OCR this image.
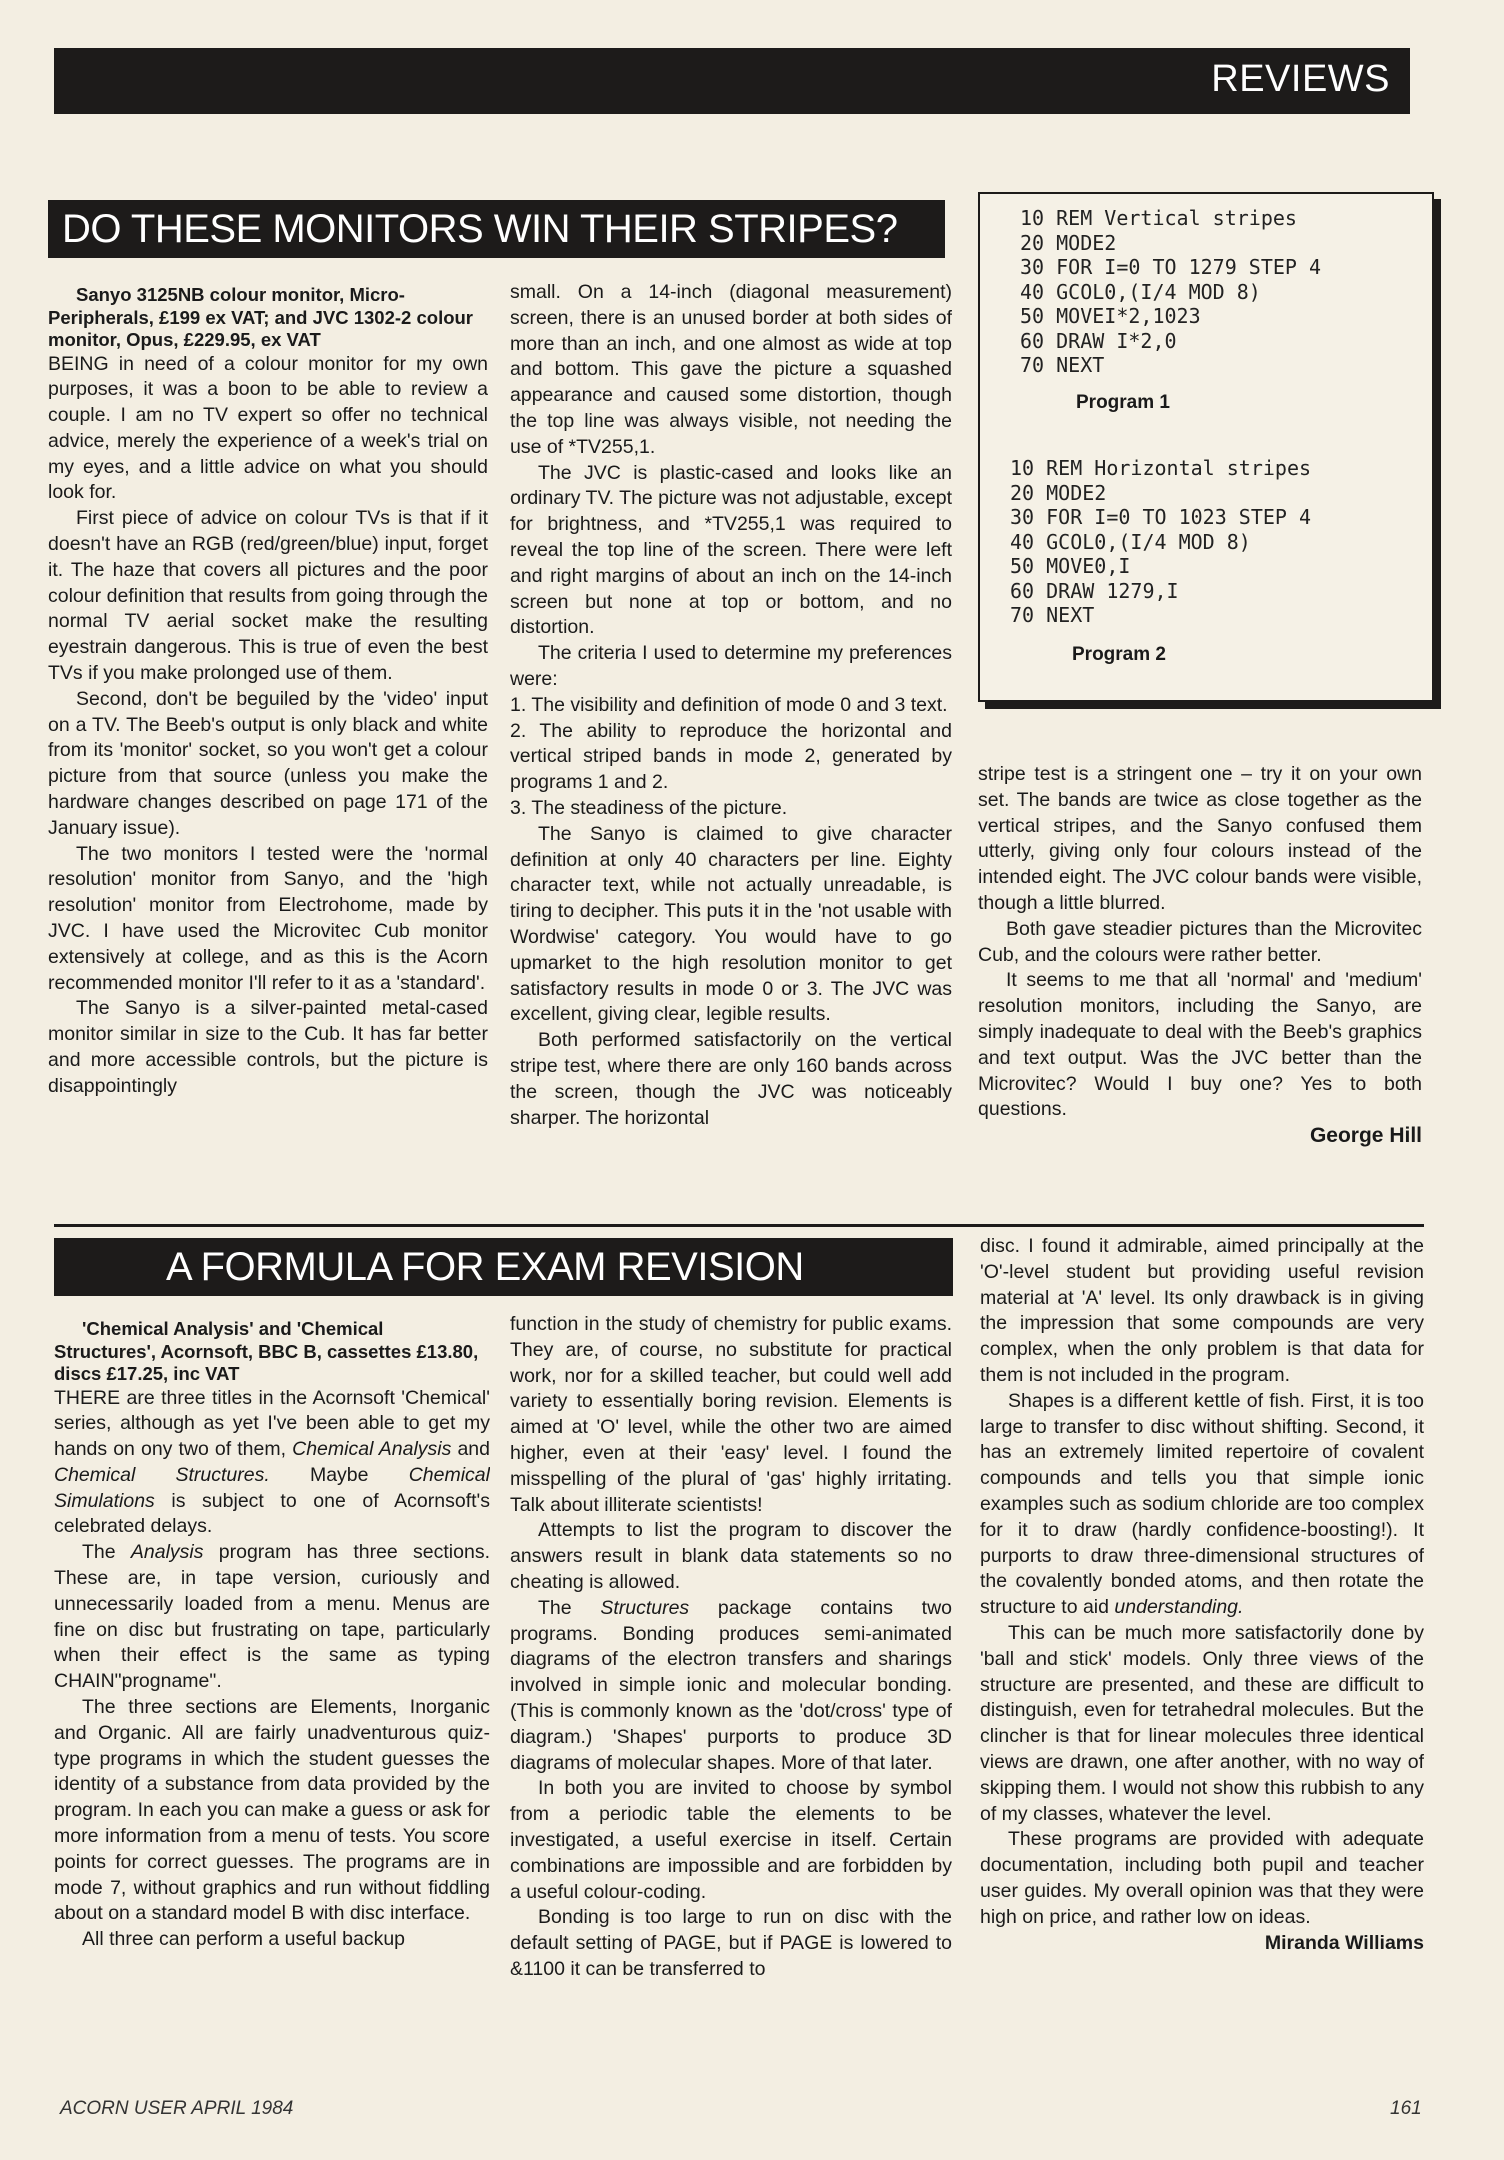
REVIEWS
DO THESE MONITORS WIN THEIR STRIPES?

Sanyo 3125NB colour monitor, Micro-Peripherals, £199 ex VAT; and JVC 1302-2 colour monitor, Opus, £229.95, ex VAT

BEING in need of a colour monitor for my own purposes, it was a boon to be able to review a couple. I am no TV expert so offer no technical advice, merely the experience of a week's trial on my eyes, and a little advice on what you should look for.

First piece of advice on colour TVs is that if it doesn't have an RGB (red/green/blue) input, forget it. The haze that covers all pictures and the poor colour definition that results from going through the normal TV aerial socket make the resulting eyestrain dangerous. This is true of even the best TVs if you make prolonged use of them.

Second, don't be beguiled by the 'video' input on a TV. The Beeb's output is only black and white from its 'monitor' socket, so you won't get a colour picture from that source (unless you make the hardware changes described on page 171 of the January issue).

The two monitors I tested were the 'normal resolution' monitor from Sanyo, and the 'high resolution' monitor from Electrohome, made by JVC. I have used the Microvitec Cub monitor extensively at college, and as this is the Acorn recommended monitor I'll refer to it as a 'standard'.

The Sanyo is a silver-painted metal-cased monitor similar in size to the Cub. It has far better and more accessible controls, but the picture is disappointingly

small. On a 14-inch (diagonal measurement) screen, there is an unused border at both sides of more than an inch, and one almost as wide at top and bottom. This gave the picture a squashed appearance and caused some distortion, though the top line was always visible, not needing the use of *TV255,1.

The JVC is plastic-cased and looks like an ordinary TV. The picture was not adjustable, except for brightness, and *TV255,1 was required to reveal the top line of the screen. There were left and right margins of about an inch on the 14-inch screen but none at top or bottom, and no distortion.

The criteria I used to determine my preferences were:

1. The visibility and definition of mode 0 and 3 text.

2. The ability to reproduce the horizontal and vertical striped bands in mode 2, generated by programs 1 and 2.

3. The steadiness of the picture.

The Sanyo is claimed to give character definition at only 40 characters per line. Eighty character text, while not actually unreadable, is tiring to decipher. This puts it in the 'not usable with Wordwise' category. You would have to go upmarket to the high resolution monitor to get satisfactory results in mode 0 or 3. The JVC was excellent, giving clear, legible results.

Both performed satisfactorily on the vertical stripe test, where there are only 160 bands across the screen, though the JVC was noticeably sharper. The horizontal

10 REM Vertical stripes
20 MODE2
30 FOR I=0 TO 1279 STEP 4
40 GCOL0,(I/4 MOD 8)
50 MOVEI*2,1023
60 DRAW I*2,0
70 NEXT
Program 1
10 REM Horizontal stripes
20 MODE2
30 FOR I=0 TO 1023 STEP 4
40 GCOL0,(I/4 MOD 8)
50 MOVE0,I
60 DRAW 1279,I
70 NEXT
Program 2

stripe test is a stringent one – try it on your own set. The bands are twice as close together as the vertical stripes, and the Sanyo confused them utterly, giving only four colours instead of the intended eight. The JVC colour bands were visible, though a little blurred.

Both gave steadier pictures than the Microvitec Cub, and the colours were rather better.

It seems to me that all 'normal' and 'medium' resolution monitors, including the Sanyo, are simply inadequate to deal with the Beeb's graphics and text output. Was the JVC better than the Microvitec? Would I buy one? Yes to both questions.

George Hill
A FORMULA FOR EXAM REVISION

'Chemical Analysis' and 'Chemical Structures', Acornsoft, BBC B, cassettes £13.80, discs £17.25, inc VAT

THERE are three titles in the Acornsoft 'Chemical' series, although as yet I've been able to get my hands on ony two of them, Chemical Analysis and Chemical Structures. Maybe Chemical Simulations is subject to one of Acornsoft's celebrated delays.

The Analysis program has three sections. These are, in tape version, curiously and unnecessarily loaded from a menu. Menus are fine on disc but frustrating on tape, particularly when their effect is the same as typing CHAIN"progname".

The three sections are Elements, Inorganic and Organic. All are fairly unadventurous quiz-type programs in which the student guesses the identity of a substance from data provided by the program. In each you can make a guess or ask for more information from a menu of tests. You score points for correct guesses. The programs are in mode 7, without graphics and run without fiddling about on a standard model B with disc interface.

All three can perform a useful backup

function in the study of chemistry for public exams. They are, of course, no substitute for practical work, nor for a skilled teacher, but could well add variety to essentially boring revision. Elements is aimed at 'O' level, while the other two are aimed higher, even at their 'easy' level. I found the misspelling of the plural of 'gas' highly irritating. Talk about illiterate scientists!

Attempts to list the program to discover the answers result in blank data statements so no cheating is allowed.

The Structures package contains two programs. Bonding produces semi-animated diagrams of the electron transfers and sharings involved in simple ionic and molecular bonding. (This is commonly known as the 'dot/cross' type of diagram.) 'Shapes' purports to produce 3D diagrams of molecular shapes. More of that later.

In both you are invited to choose by symbol from a periodic table the elements to be investigated, a useful exercise in itself. Certain combinations are impossible and are forbidden by a useful colour-coding.

Bonding is too large to run on disc with the default setting of PAGE, but if PAGE is lowered to &1100 it can be transferred to

disc. I found it admirable, aimed principally at the 'O'-level student but providing useful revision material at 'A' level. Its only drawback is in giving the impression that some compounds are very complex, when the only problem is that data for them is not included in the program.

Shapes is a different kettle of fish. First, it is too large to transfer to disc without shifting. Second, it has an extremely limited repertoire of covalent compounds and tells you that simple ionic examples such as sodium chloride are too complex for it to draw (hardly confidence-boosting!). It purports to draw three-dimensional structures of the covalently bonded atoms, and then rotate the structure to aid understanding.

This can be much more satisfactorily done by 'ball and stick' models. Only three views of the structure are presented, and these are difficult to distinguish, even for tetrahedral molecules. But the clincher is that for linear molecules three identical views are drawn, one after another, with no way of skipping them. I would not show this rubbish to any of my classes, whatever the level.

These programs are provided with adequate documentation, including both pupil and teacher user guides. My overall opinion was that they were high on price, and rather low on ideas.
Miranda Williams

ACORN USER APRIL 1984	161
